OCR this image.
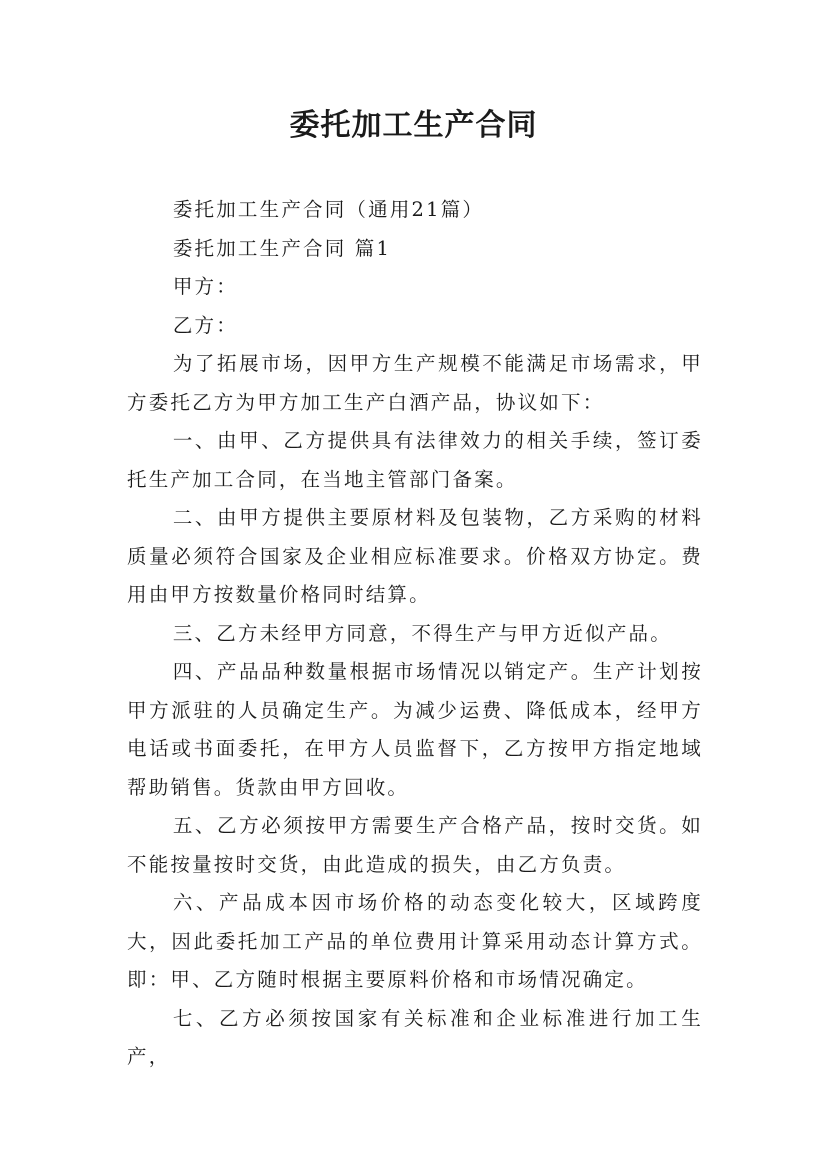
委托加工生产合同

委托加工生产合同（通用21篇）

委托加工生产合同 篇1

甲方：

乙方：

为了拓展市场，因甲方生产规模不能满足市场需求，甲方委托乙方为甲方加工生产白酒产品，协议如下：

一、由甲、乙方提供具有法律效力的相关手续，签订委托生产加工合同，在当地主管部门备案。

二、由甲方提供主要原材料及包装物，乙方采购的材料质量必须符合国家及企业相应标准要求。价格双方协定。费用由甲方按数量价格同时结算。

三、乙方未经甲方同意，不得生产与甲方近似产品。

四、产品品种数量根据市场情况以销定产。生产计划按甲方派驻的人员确定生产。为减少运费、降低成本，经甲方电话或书面委托，在甲方人员监督下，乙方按甲方指定地域帮助销售。货款由甲方回收。

五、乙方必须按甲方需要生产合格产品，按时交货。如不能按量按时交货，由此造成的损失，由乙方负责。

六、产品成本因市场价格的动态变化较大，区域跨度大，因此委托加工产品的单位费用计算采用动态计算方式。即：甲、乙方随时根据主要原料价格和市场情况确定。

七、乙方必须按国家有关标准和企业标准进行加工生产，
